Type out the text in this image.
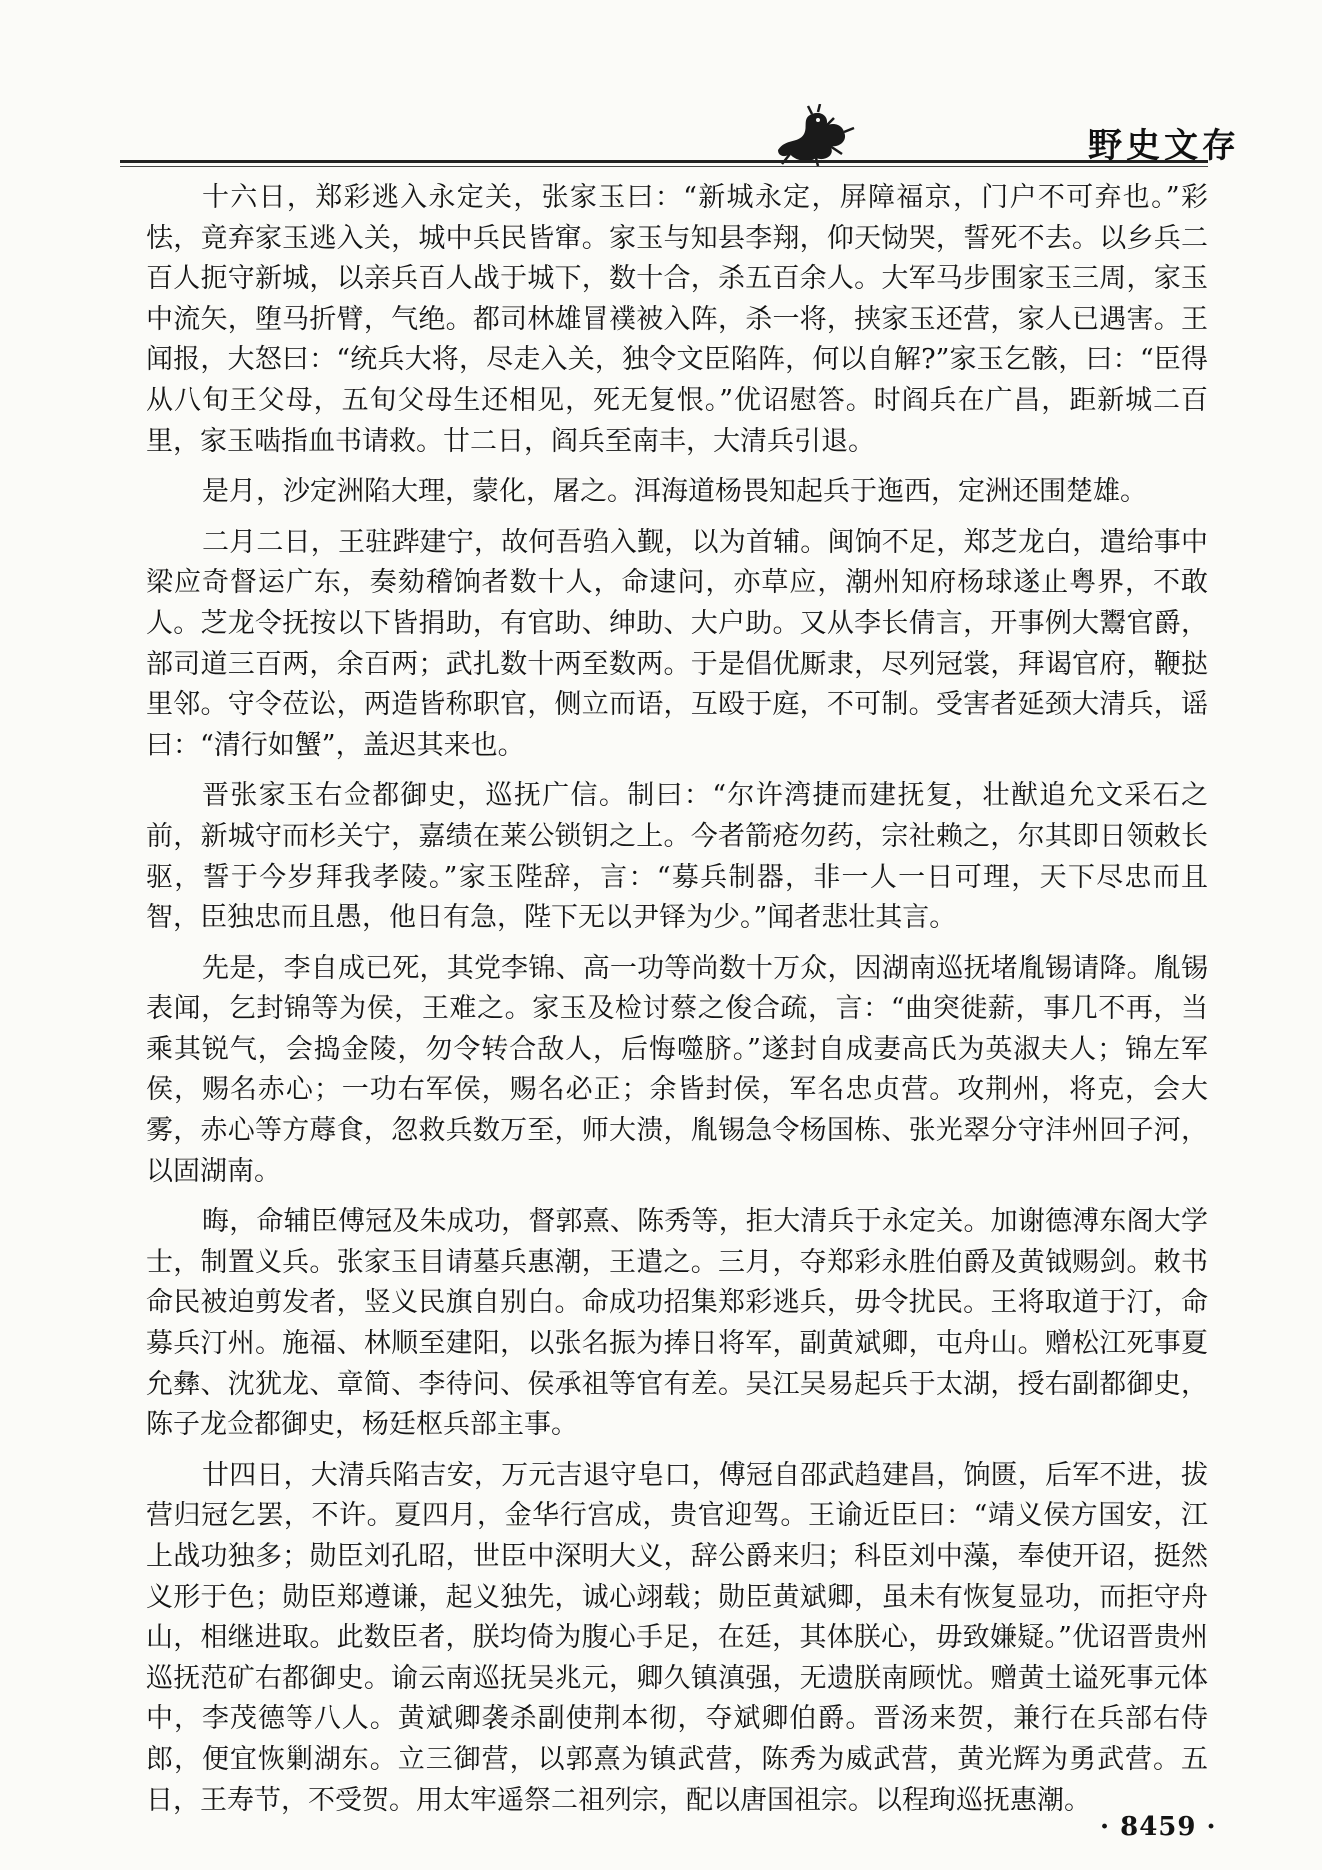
野史文存

十六日，郑彩逃入永定关，张家玉曰：“新城永定，屏障福京，门户不可弃也。”彩怯，竟弃家玉逃入关，城中兵民皆窜。家玉与知县李翔，仰天恸哭，誓死不去。以乡兵二百人扼守新城，以亲兵百人战于城下，数十合，杀五百余人。大军马步围家玉三周，家玉中流矢，堕马折臂，气绝。都司林雄冒襆被入阵，杀一将，挟家玉还营，家人已遇害。王闻报，大怒曰：“统兵大将，尽走入关，独令文臣陷阵，何以自解?”家玉乞骸，曰：“臣得从八旬王父母，五旬父母生还相见，死无复恨。”优诏慰答。时阎兵在广昌，距新城二百里，家玉啮指血书请救。廿二日，阎兵至南丰，大清兵引退。

是月，沙定洲陷大理，蒙化，屠之。洱海道杨畏知起兵于迤西，定洲还围楚雄。

二月二日，王驻跸建宁，故何吾驺入觐，以为首辅。闽饷不足，郑芝龙白，遣给事中梁应奇督运广东，奏劾稽饷者数十人，命逮问，亦草应，潮州知府杨球遂止粤界，不敢人。芝龙令抚按以下皆捐助，有官助、绅助、大户助。又从李长倩言，开事例大鬻官爵，部司道三百两，余百两；武扎数十两至数两。于是倡优厮隶，尽列冠裳，拜谒官府，鞭挞里邻。守令莅讼，两造皆称职官，侧立而语，互殴于庭，不可制。受害者延颈大清兵，谣曰：“清行如蟹”，盖迟其来也。

晋张家玉右佥都御史，巡抚广信。制曰：“尔许湾捷而建抚复，壮猷追允文采石之前，新城守而杉关宁，嘉绩在莱公锁钥之上。今者箭疮勿药，宗社赖之，尔其即日领敕长驱，誓于今岁拜我孝陵。”家玉陛辞，言：“募兵制器，非一人一日可理，天下尽忠而且智，臣独忠而且愚，他日有急，陛下无以尹铎为少。”闻者悲壮其言。

先是，李自成已死，其党李锦、高一功等尚数十万众，因湖南巡抚堵胤锡请降。胤锡表闻，乞封锦等为侯，王难之。家玉及检讨蔡之俊合疏，言：“曲突徙薪，事几不再，当乘其锐气，会捣金陵，勿令转合敌人，后悔噬脐。”遂封自成妻高氏为英淑夫人；锦左军侯，赐名赤心；一功右军侯，赐名必正；余皆封侯，军名忠贞营。攻荆州，将克，会大雾，赤心等方蓐食，忽救兵数万至，师大溃，胤锡急令杨国栋、张光翠分守沣州回子河，以固湖南。

晦，命辅臣傅冠及朱成功，督郭熹、陈秀等，拒大清兵于永定关。加谢德溥东阁大学士，制置义兵。张家玉目请墓兵惠潮，王遣之。三月，夺郑彩永胜伯爵及黄钺赐剑。敕书命民被迫剪发者，竖义民旗自别白。命成功招集郑彩逃兵，毋令扰民。王将取道于汀，命募兵汀州。施福、林顺至建阳，以张名振为捧日将军，副黄斌卿，屯舟山。赠松江死事夏允彝、沈犹龙、章简、李待问、侯承祖等官有差。吴江吴易起兵于太湖，授右副都御史，陈子龙佥都御史，杨廷枢兵部主事。

廿四日，大清兵陷吉安，万元吉退守皂口，傅冠自邵武趋建昌，饷匮，后军不进，拔营归冠乞罢，不许。夏四月，金华行宫成，贵官迎驾。王谕近臣曰：“靖义侯方国安，江上战功独多；勋臣刘孔昭，世臣中深明大义，辞公爵来归；科臣刘中藻，奉使开诏，挺然义形于色；勋臣郑遵谦，起义独先，诚心翊载；勋臣黄斌卿，虽未有恢复显功，而拒守舟山，相继进取。此数臣者，朕均倚为腹心手足，在廷，其体朕心，毋致嫌疑。”优诏晋贵州巡抚范矿右都御史。谕云南巡抚吴兆元，卿久镇滇强，无遗朕南顾忧。赠黄土谥死事元体中，李茂德等八人。黄斌卿袭杀副使荆本彻，夺斌卿伯爵。晋汤来贺，兼行在兵部右侍郎，便宜恢剿湖东。立三御营，以郭熹为镇武营，陈秀为威武营，黄光辉为勇武营。五日，王寿节，不受贺。用太牢遥祭二祖列宗，配以唐国祖宗。以程珣巡抚惠潮。

· 8459 ·
